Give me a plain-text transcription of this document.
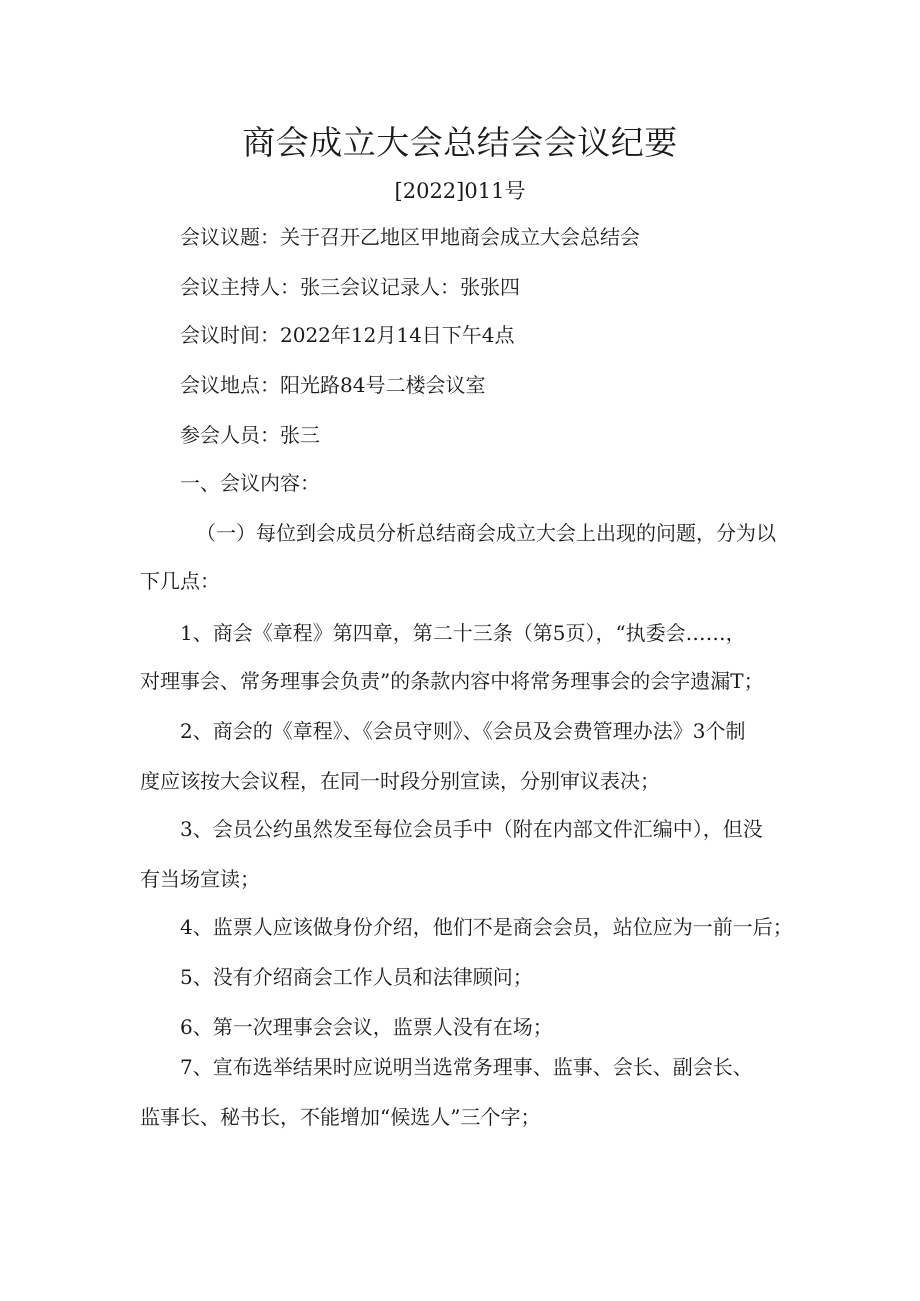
商会成立大会总结会会议纪要
[2022]011号
会议议题：关于召开乙地区甲地商会成立大会总结会
会议主持人：张三会议记录人：张张四
会议时间：2022年12月14日下午4点
会议地点：阳光路84号二楼会议室
参会人员：张三
一、会议内容：
（一）每位到会成员分析总结商会成立大会上出现的问题，分为以
下几点：
1、商会《章程》第四章，第二十三条（第5页），“执委会……，
对理事会、常务理事会负责”的条款内容中将常务理事会的会字遗漏T；
2、商会的《章程》、《会员守则》、《会员及会费管理办法》3个制
度应该按大会议程，在同一时段分别宣读，分别审议表决；
3、会员公约虽然发至每位会员手中（附在内部文件汇编中），但没
有当场宣读；
4、监票人应该做身份介绍，他们不是商会会员，站位应为一前一后；
5、没有介绍商会工作人员和法律顾问；
6、第一次理事会会议，监票人没有在场；
7、宣布选举结果时应说明当选常务理事、监事、会长、副会长、
监事长、秘书长，不能增加“候选人”三个字；
